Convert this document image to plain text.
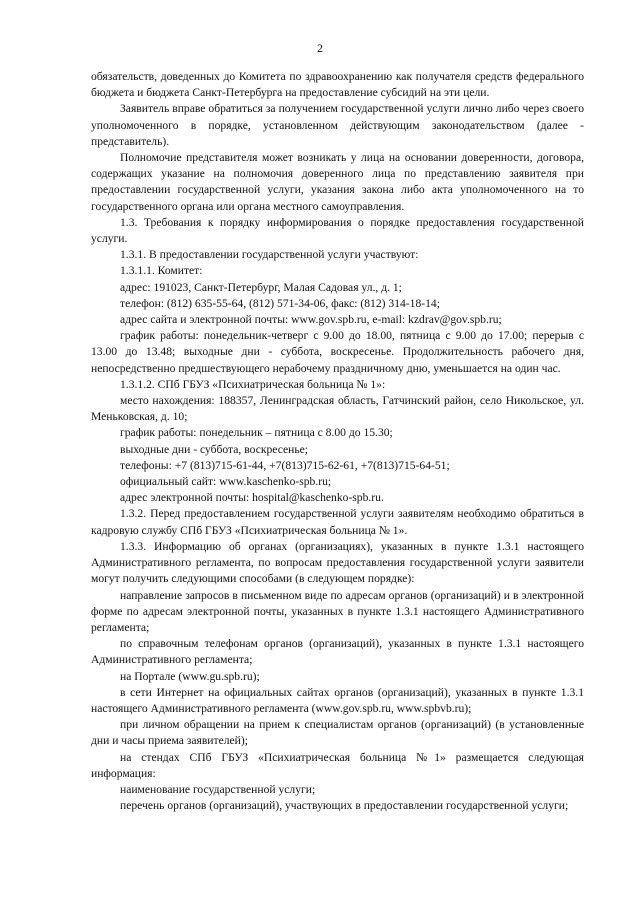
2

обязательств, доведенных до Комитета по здравоохранению как получателя средств федерального бюджета и бюджета Санкт-Петербурга на предоставление субсидий на эти цели.

Заявитель вправе обратиться за получением государственной услуги лично либо через своего уполномоченного в порядке, установленном действующим законодательством (далее - представитель).

Полномочие представителя может возникать у лица на основании доверенности, договора, содержащих указание на полномочия доверенного лица по представлению заявителя при предоставлении государственной услуги, указания закона либо акта уполномоченного на то государственного органа или органа местного самоуправления.

1.3. Требования к порядку информирования о порядке предоставления государственной услуги.

1.3.1. В предоставлении государственной услуги участвуют:

1.3.1.1. Комитет:

адрес: 191023, Санкт-Петербург, Малая Садовая ул., д. 1;

телефон: (812) 635-55-64, (812) 571-34-06, факс: (812) 314-18-14;

адрес сайта и электронной почты: www.gov.spb.ru, e-mail: kzdrav@gov.spb.ru;

график работы: понедельник-четверг с 9.00 до 18.00, пятница с 9.00 до 17.00; перерыв с 13.00 до 13.48; выходные дни - суббота, воскресенье. Продолжительность рабочего дня, непосредственно предшествующего нерабочему праздничному дню, уменьшается на один час.

1.3.1.2. СПб ГБУЗ «Психиатрическая больница № 1»:

место нахождения: 188357, Ленинградская область, Гатчинский район, село Никольское, ул. Меньковская, д. 10;

график работы: понедельник – пятница с 8.00 до 15.30;

выходные дни - суббота, воскресенье;

телефоны: +7 (813)715-61-44, +7(813)715-62-61, +7(813)715-64-51;

официальный сайт: www.kaschenko-spb.ru;

адрес электронной почты: hospital@kaschenko-spb.ru.

1.3.2. Перед предоставлением государственной услуги заявителям необходимо обратиться в кадровую службу СПб ГБУЗ «Психиатрическая больница № 1».

1.3.3. Информацию об органах (организациях), указанных в пункте 1.3.1 настоящего Административного регламента, по вопросам предоставления государственной услуги заявители могут получить следующими способами (в следующем порядке):

направление запросов в письменном виде по адресам органов (организаций) и в электронной форме по адресам электронной почты, указанных в пункте 1.3.1 настоящего Административного регламента;

по справочным телефонам органов (организаций), указанных в пункте 1.3.1 настоящего Административного регламента;

на Портале (www.gu.spb.ru);

в сети Интернет на официальных сайтах органов (организаций), указанных в пункте 1.3.1 настоящего Административного регламента (www.gov.spb.ru, www.spbvb.ru);

при личном обращении на прием к специалистам органов (организаций) (в установленные дни и часы приема заявителей);

на стендах СПб ГБУЗ «Психиатрическая больница №1» размещается следующая информация:

наименование государственной услуги;

перечень органов (организаций), участвующих в предоставлении государственной услуги;
